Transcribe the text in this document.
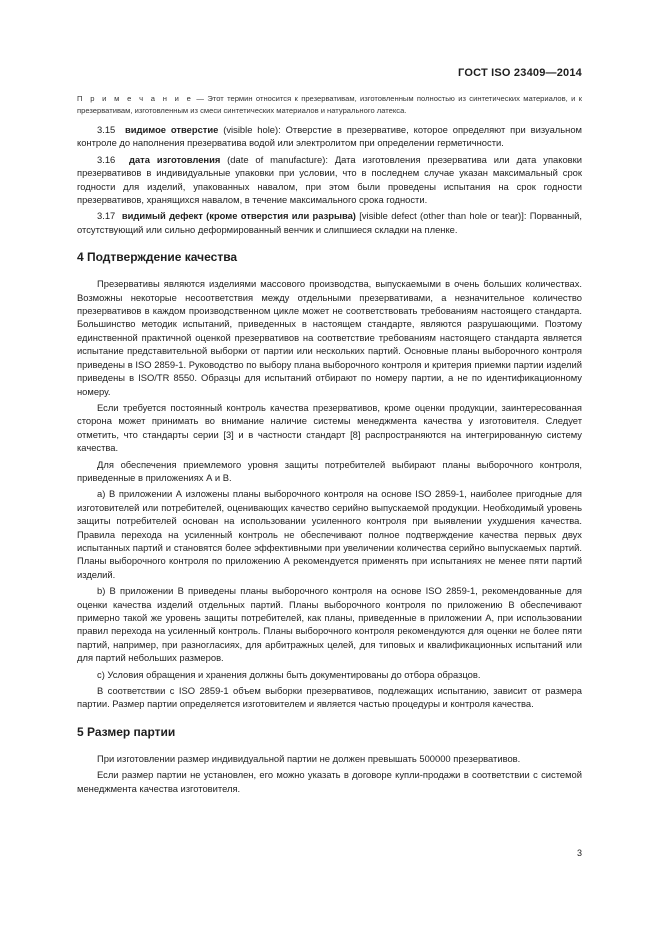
ГОСТ ISO 23409—2014
П р и м е ч а н и е — Этот термин относится к презервативам, изготовленным полностью из синтетических материалов, и к презервативам, изготовленным из смеси синтетических материалов и натурального латекса.

3.15 видимое отверстие (visible hole): Отверстие в презервативе, которое определяют при визуальном контроле до наполнения презерватива водой или электролитом при определении герметичности.

3.16 дата изготовления (date of manufacture): Дата изготовления презерватива или дата упаковки презервативов в индивидуальные упаковки при условии, что в последнем случае указан максимальный срок годности для изделий, упакованных навалом, при этом были проведены испытания на срок годности презервативов, хранящихся навалом, в течение максимального срока годности.

3.17 видимый дефект (кроме отверстия или разрыва) [visible defect (other than hole or tear)]: Порванный, отсутствующий или сильно деформированный венчик и слипшиеся складки на пленке.

4 Подтверждение качества

Презервативы являются изделиями массового производства, выпускаемыми в очень больших количествах. Возможны некоторые несоответствия между отдельными презервативами, а незначительное количество презервативов в каждом производственном цикле может не соответствовать требованиям настоящего стандарта. Большинство методик испытаний, приведенных в настоящем стандарте, являются разрушающими. Поэтому единственной практичной оценкой презервативов на соответствие требованиям настоящего стандарта является испытание представительной выборки от партии или нескольких партий. Основные планы выборочного контроля приведены в ISO 2859-1. Руководство по выбору плана выборочного контроля и критерия приемки партии изделий приведены в ISO/TR 8550. Образцы для испытаний отбирают по номеру партии, а не по идентификационному номеру.

Если требуется постоянный контроль качества презервативов, кроме оценки продукции, заинтересованная сторона может принимать во внимание наличие системы менеджмента качества у изготовителя. Следует отметить, что стандарты серии [3] и в частности стандарт [8] распространяются на интегрированную систему качества.

Для обеспечения приемлемого уровня защиты потребителей выбирают планы выборочного контроля, приведенные в приложениях А и В.

a) В приложении А изложены планы выборочного контроля на основе ISO 2859-1, наиболее пригодные для изготовителей или потребителей, оценивающих качество серийно выпускаемой продукции. Необходимый уровень защиты потребителей основан на использовании усиленного контроля при выявлении ухудшения качества. Правила перехода на усиленный контроль не обеспечивают полное подтверждение качества первых двух испытанных партий и становятся более эффективными при увеличении количества серийно выпускаемых партий. Планы выборочного контроля по приложению А рекомендуется применять при испытаниях не менее пяти партий изделий.

b) В приложении В приведены планы выборочного контроля на основе ISO 2859-1, рекомендованные для оценки качества изделий отдельных партий. Планы выборочного контроля по приложению В обеспечивают примерно такой же уровень защиты потребителей, как планы, приведенные в приложении А, при использовании правил перехода на усиленный контроль. Планы выборочного контроля рекомендуются для оценки не более пяти партий, например, при разногласиях, для арбитражных целей, для типовых и квалификационных испытаний или для партий небольших размеров.

c) Условия обращения и хранения должны быть документированы до отбора образцов.

В соответствии с ISO 2859-1 объем выборки презервативов, подлежащих испытанию, зависит от размера партии. Размер партии определяется изготовителем и является частью процедуры и контроля качества.

5 Размер партии

При изготовлении размер индивидуальной партии не должен превышать 500000 презервативов.

Если размер партии не установлен, его можно указать в договоре купли-продажи в соответствии с системой менеджмента качества изготовителя.

3
